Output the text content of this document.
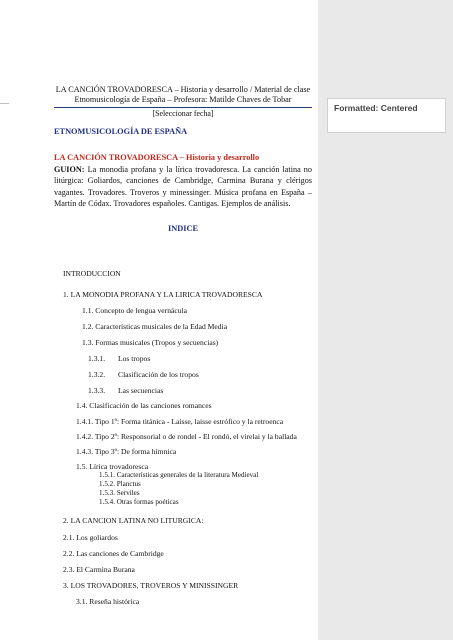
LA CANCIÓN TROVADORESCA – Historia y desarrollo / Material de clase
Etnomusicología de España – Profesora: Matilde Chaves de Tobar
[Seleccionar fecha]
ETNOMUSICOLOGÍA DE ESPAÑA
LA CANCIÓN TROVADORESCA – Historia y desarrollo
GUION: La monodia profana y la lírica trovadoresca. La canción latina no litúrgica: Goliardos, canciones de Cambridge, Carmina Burana y clérigos vagantes. Trovadores. Troveros y minessinger. Música profana en España – Martín de Códax. Trovadores españoles. Cantigas. Ejemplos de análisis.
INDICE
INTRODUCCION
1. LA MONODIA PROFANA Y LA LIRICA TROVADORESCA
1.1. Concepto de lengua vernácula
1.2. Características musicales de la Edad Media
1.3. Formas musicales (Tropos y secuencias)
1.3.1. Los tropos
1.3.2. Clasificación de los tropos
1.3.3. Las secuencias
1.4. Clasificación de las canciones romances
1.4.1. Tipo 1º: Forma titánica - Laisse, laisse estrófico y la retroenca
1.4.2. Tipo 2º: Responsorial o de rondel - El rondó, el virelai y la ballada
1.4.3. Tipo 3º: De forma hímnica
1.5. Lírica trovadoresca
1.5.1. Características generales de la literatura Medieval
1.5.2. Planctus
1.5.3. Serviles
1.5.4. Otras formas poéticas
2. LA CANCION LATINA NO LITURGICA:
2.1. Los goliardos
2.2. Las canciones de Cambridge
2.3. El Carmina Burana
3. LOS TROVADORES, TROVEROS Y MINISSINGER
3.1. Reseña histórica
Formatted: Centered
